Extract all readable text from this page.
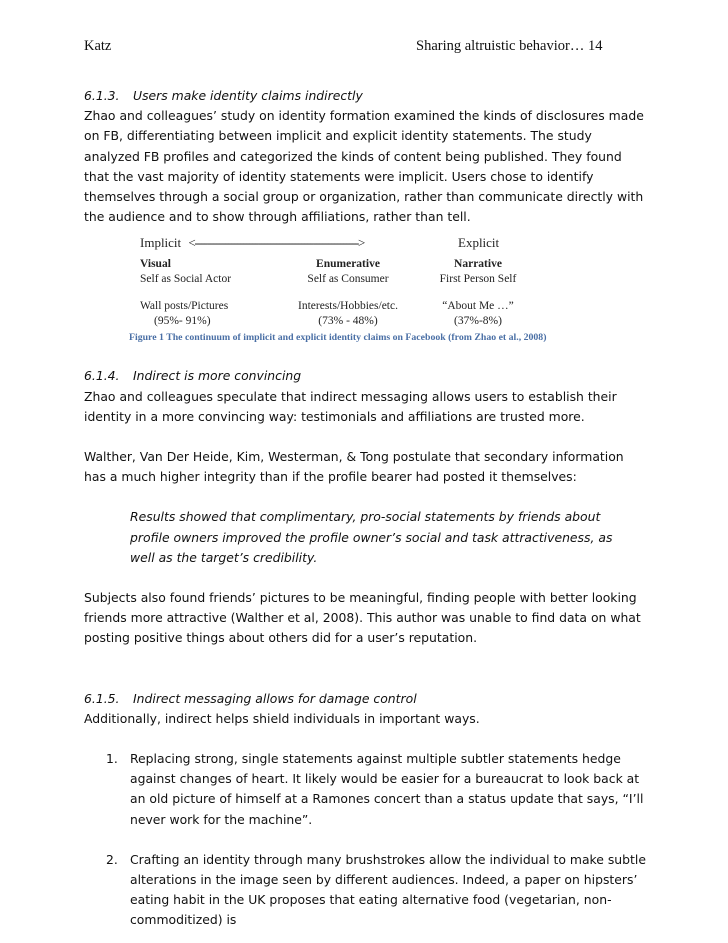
Katz	Sharing altruistic behavior… 14

6.1.3. Users make identity claims indirectly

Zhao and colleagues’ study on identity formation examined the kinds of disclosures made on FB, differentiating between implicit and explicit identity statements. The study analyzed FB profiles and categorized the kinds of content being published. They found that the vast majority of identity statements were implicit. Users chose to identify themselves through a social group or organization, rather than communicate directly with the audience and to show through affiliations, rather than tell.

Implicit <------------------------------------------------------>	Explicit
Visual
Self as Social Actor
Wall posts/Pictures
(95%- 91%)
Enumerative
Self as Consumer
Interests/Hobbies/etc.
(73% - 48%)
Narrative
First Person Self
“About Me …”
(37%-8%)
Figure 1 The continuum of implicit and explicit identity claims on Facebook (from Zhao et al., 2008)

6.1.4. Indirect is more convincing

Zhao and colleagues speculate that indirect messaging allows users to establish their identity in a more convincing way: testimonials and affiliations are trusted more.

Walther, Van Der Heide, Kim, Westerman, & Tong postulate that secondary information has a much higher integrity than if the profile bearer had posted it themselves:

Results showed that complimentary, pro-social statements by friends about profile owners improved the profile owner’s social and task attractiveness, as well as the target’s credibility.

Subjects also found friends’ pictures to be meaningful, finding people with better looking friends more attractive (Walther et al, 2008). This author was unable to find data on what posting positive things about others did for a user’s reputation.

6.1.5. Indirect messaging allows for damage control

Additionally, indirect helps shield individuals in important ways.

1. Replacing strong, single statements against multiple subtler statements hedge against changes of heart. It likely would be easier for a bureaucrat to look back at an old picture of himself at a Ramones concert than a status update that says, “I’ll never work for the machine”.
2. Crafting an identity through many brushstrokes allow the individual to make subtle alterations in the image seen by different audiences. Indeed, a paper on hipsters’ eating habit in the UK proposes that eating alternative food (vegetarian, non-commoditized) is
